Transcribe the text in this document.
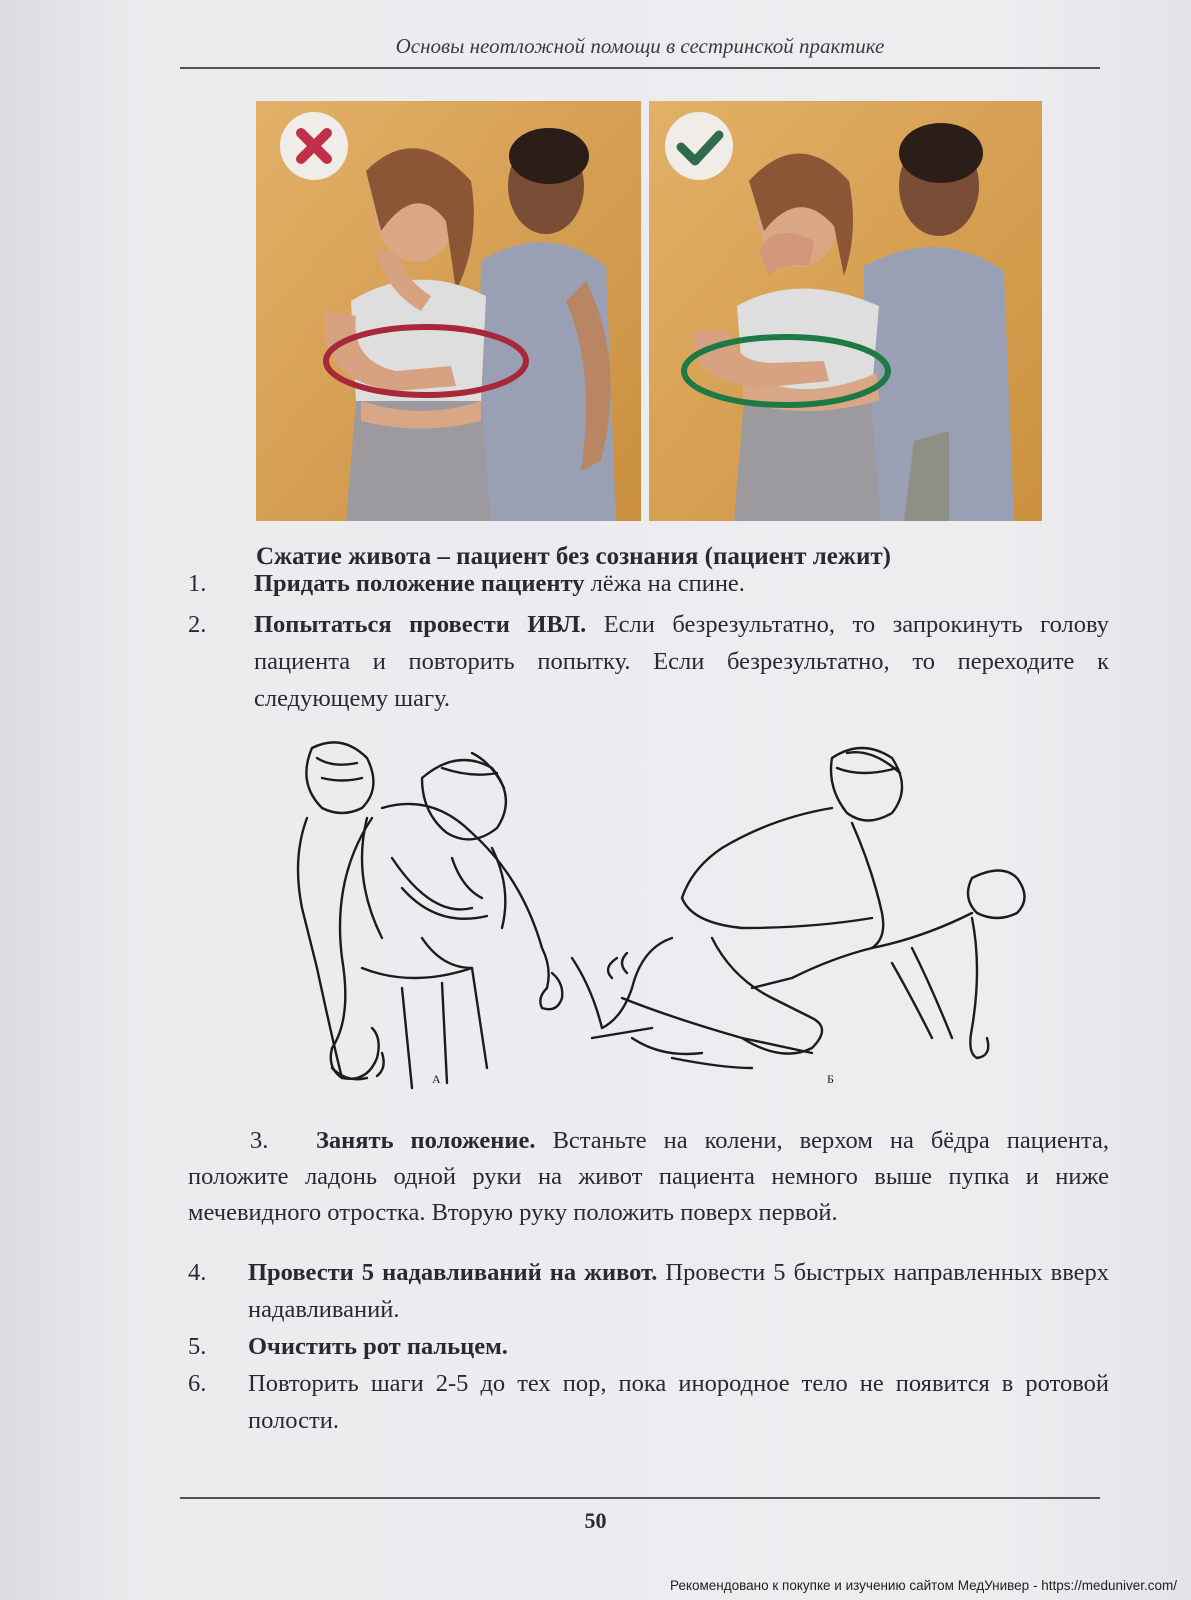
Основы неотложной помощи в сестринской практике
Сжатие живота – пациент без сознания (пациент лежит)
1. Придать положение пациенту лёжа на спине.
2. Попытаться провести ИВЛ. Если безрезультатно, то запрокинуть голову пациента и повторить попытку. Если безрезультатно, то переходите к следующему шагу.
А	Б
3. Занять положение. Встаньте на колени, верхом на бёдра пациента, положите ладонь одной руки на живот пациента немного выше пупка и ниже мечевидного отростка. Вторую руку положить поверх первой.
4. Провести 5 надавливаний на живот. Провести 5 быстрых направленных вверх надавливаний.
5. Очистить рот пальцем.
6. Повторить шаги 2-5 до тех пор, пока инородное тело не появится в ротовой полости.
50
Рекомендовано к покупке и изучению сайтом МедУнивер - https://meduniver.com/
